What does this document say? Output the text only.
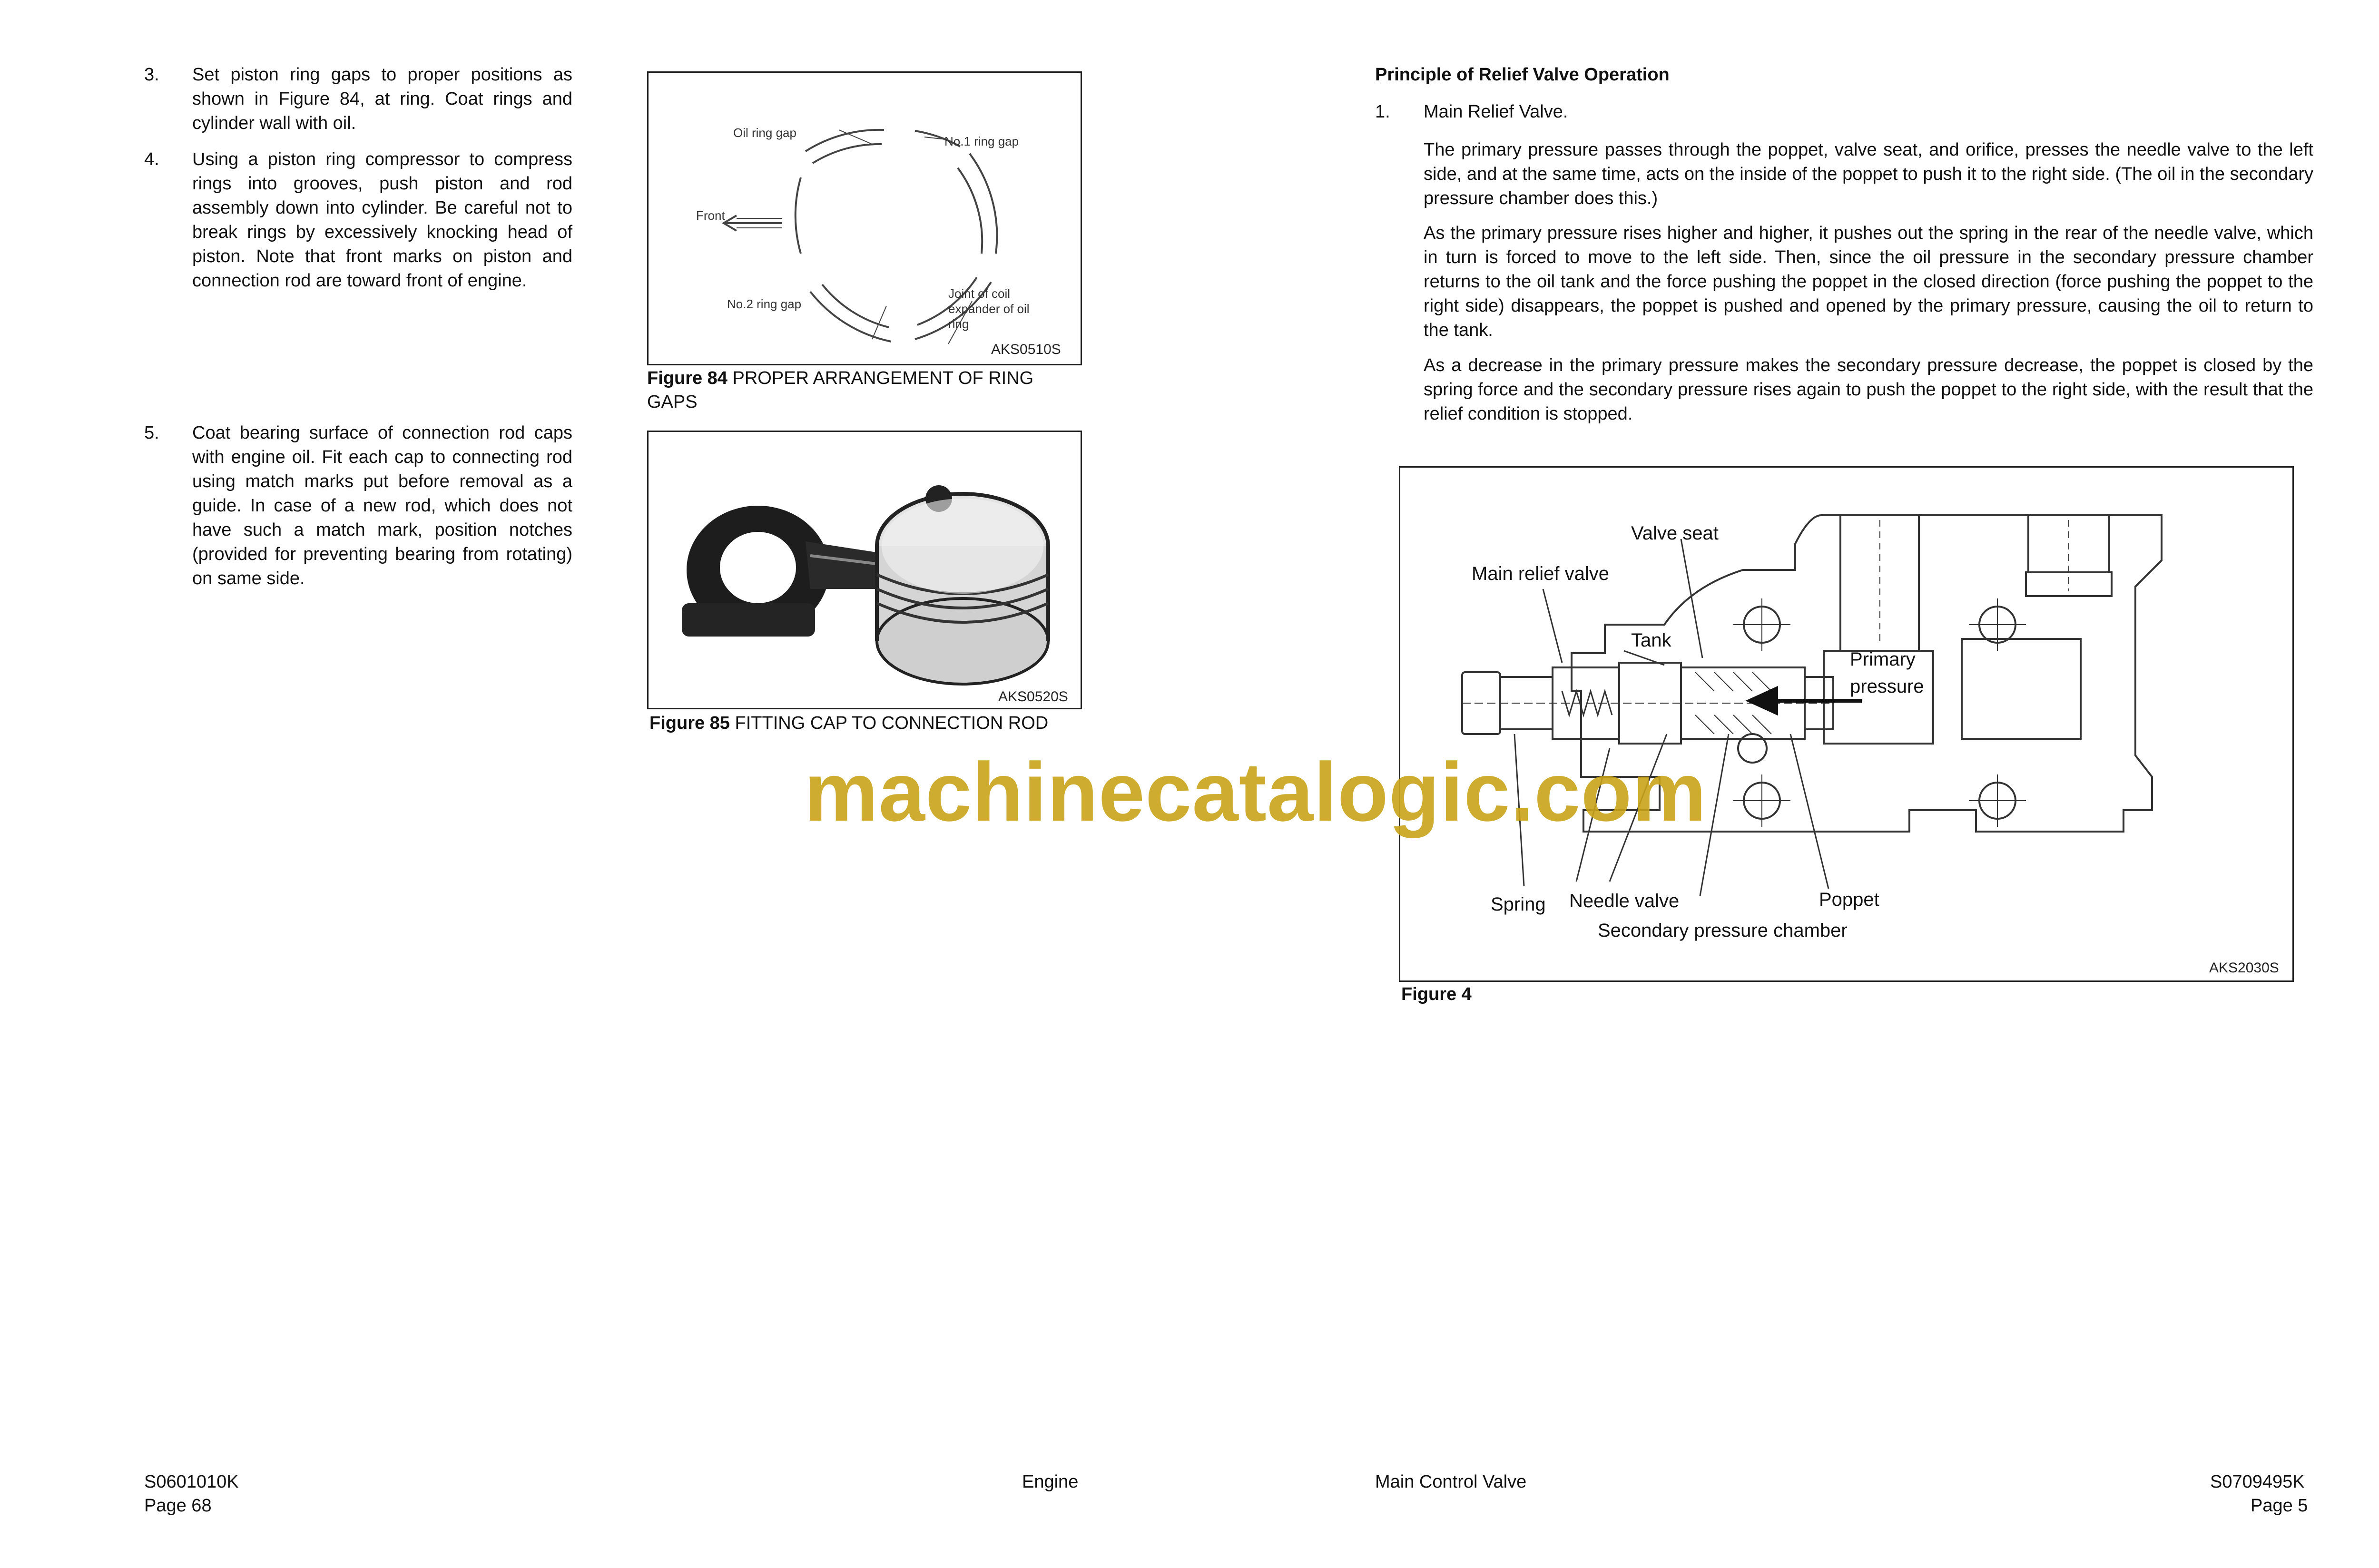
3. Set piston ring gaps to proper positions as shown in Figure 84, at ring. Coat rings and cylinder wall with oil.
4. Using a piston ring compressor to compress rings into grooves, push piston and rod assembly down into cylinder. Be careful not to break rings by excessively knocking head of piston. Note that front marks on piston and connection rod are toward front of engine.
5. Coat bearing surface of connection rod caps with engine oil. Fit each cap to connecting rod using match marks put before removal as a guide. In case of a new rod, which does not have such a match mark, position notches (provided for preventing bearing from rotating) on same side.
Oil ring gap
No.1 ring gap
Front
No.2 ring gap
Joint of coil expander of oil ring
AKS0510S
Figure 84 PROPER ARRANGEMENT OF RING GAPS
AKS0520S
Figure 85 FITTING CAP TO CONNECTION ROD
S0601010K
Page 68
Engine
Principle of Relief Valve Operation
1. Main Relief Valve.
The primary pressure passes through the poppet, valve seat, and orifice, presses the needle valve to the left side, and at the same time, acts on the inside of the poppet to push it to the right side. (The oil in the secondary pressure chamber does this.)
As the primary pressure rises higher and higher, it pushes out the spring in the rear of the needle valve, which in turn is forced to move to the left side. Then, since the oil pressure in the secondary pressure chamber returns to the oil tank and the force pushing the poppet in the closed direction (force pushing the poppet to the right side) disappears, the poppet is pushed and opened by the primary pressure, causing the oil to return to the tank.
As a decrease in the primary pressure makes the secondary pressure decrease, the poppet is closed by the spring force and the secondary pressure rises again to push the poppet to the right side, with the result that the relief condition is stopped.
Valve seat
Main relief valve
Tank
Primary
pressure
Spring Needle valve	Poppet
Secondary pressure chamber
AKS2030S
Figure 4
Main Control Valve	S0709495K
Page 5
machinecatalogic.com
